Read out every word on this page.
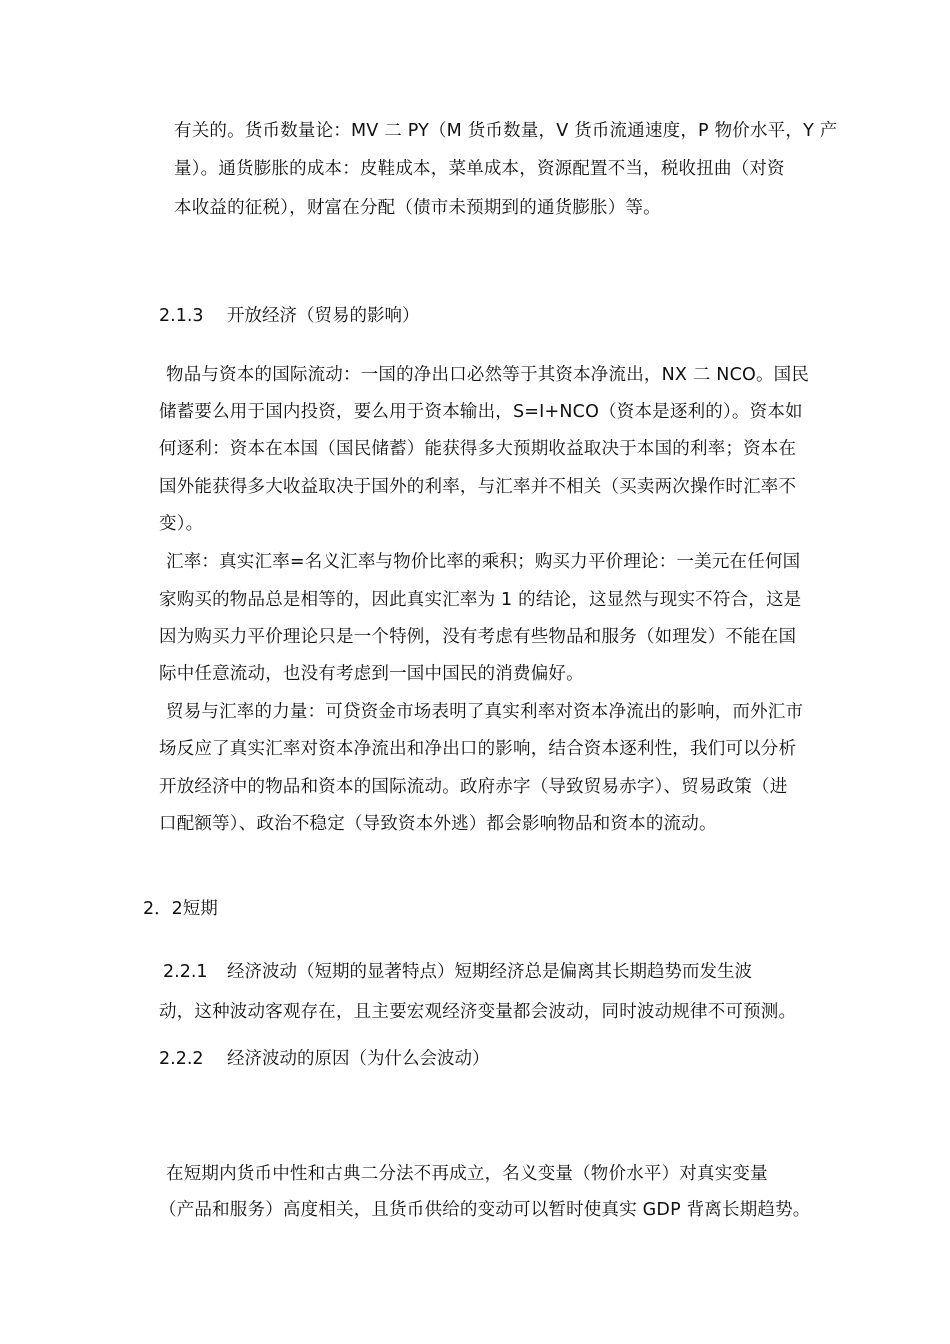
有关的。货币数量论：MV 二 PY（M 货币数量，V 货币流通速度，P 物价水平，Y 产
量）。通货膨胀的成本：皮鞋成本，菜单成本，资源配置不当，税收扭曲（对资
本收益的征税），财富在分配（债市未预期到的通货膨胀）等。
2.1.3 开放经济（贸易的影响）
物品与资本的国际流动：一国的净出口必然等于其资本净流出，NX 二 NCO。国民
储蓄要么用于国内投资，要么用于资本输出，S=I+NCO（资本是逐利的）。资本如
何逐利：资本在本国（国民储蓄）能获得多大预期收益取决于本国的利率；资本在
国外能获得多大收益取决于国外的利率，与汇率并不相关（买卖两次操作时汇率不
变）。
汇率：真实汇率=名义汇率与物价比率的乘积；购买力平价理论：一美元在任何国
家购买的物品总是相等的，因此真实汇率为 1 的结论，这显然与现实不符合，这是
因为购买力平价理论只是一个特例，没有考虑有些物品和服务（如理发）不能在国
际中任意流动，也没有考虑到一国中国民的消费偏好。
贸易与汇率的力量：可贷资金市场表明了真实利率对资本净流出的影响，而外汇市
场反应了真实汇率对资本净流出和净出口的影响，结合资本逐利性，我们可以分析
开放经济中的物品和资本的国际流动。政府赤字（导致贸易赤字）、贸易政策（进
口配额等）、政治不稳定（导致资本外逃）都会影响物品和资本的流动。
2．2短期
2.2.1 经济波动（短期的显著特点）短期经济总是偏离其长期趋势而发生波
动，这种波动客观存在，且主要宏观经济变量都会波动，同时波动规律不可预测。
2.2.2 经济波动的原因（为什么会波动）
在短期内货币中性和古典二分法不再成立，名义变量（物价水平）对真实变量
（产品和服务）高度相关，且货币供给的变动可以暂时使真实 GDP 背离长期趋势。
